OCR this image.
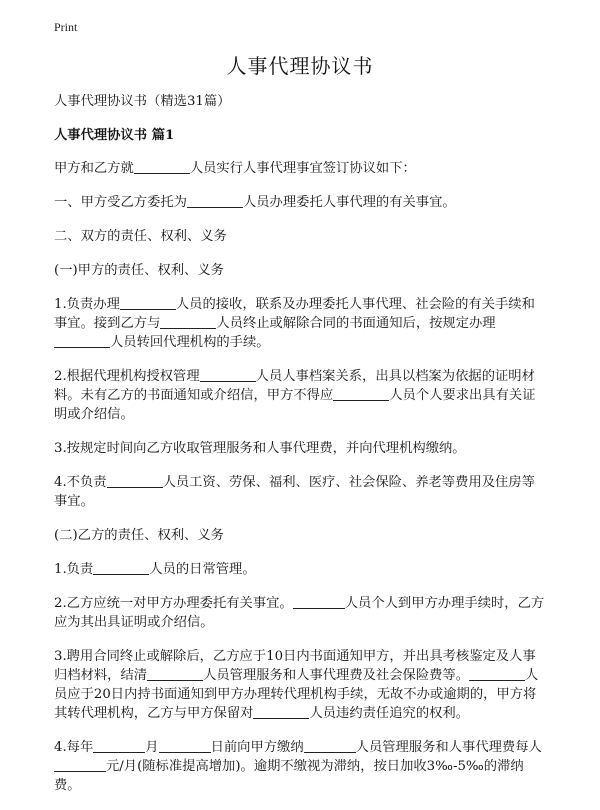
Print
人事代理协议书

人事代理协议书（精选31篇）

人事代理协议书 篇1

甲方和乙方就	人员实行人事代理事宜签订协议如下：

一、甲方受乙方委托为	人员办理委托人事代理的有关事宜。

二、双方的责任、权利、义务

(一)甲方的责任、权利、义务

1.负责办理	人员的接收，联系及办理委托人事代理、社会险的有关手续和事宜。接到乙方与	人员终止或解除合同的书面通知后，按规定办理人员转回代理机构的手续。

2.根据代理机构授权管理	人员人事档案关系，出具以档案为依据的证明材料。未有乙方的书面通知或介绍信，甲方不得应	人员个人要求出具有关证明或介绍信。

3.按规定时间向乙方收取管理服务和人事代理费，并向代理机构缴纳。

4.不负责	人员工资、劳保、福利、医疗、社会保险、养老等费用及住房等事宜。

(二)乙方的责任、权利、义务

1.负责	人员的日常管理。

2.乙方应统一对甲方办理委托有关事宜。	人员个人到甲方办理手续时，乙方应为其出具证明或介绍信。

3.聘用合同终止或解除后，乙方应于10日内书面通知甲方，并出具考核鉴定及人事归档材料，结清	人员管理服务和人事代理费及社会保险费等。	人员应于20日内持书面通知到甲方办理转代理机构手续，无故不办或逾期的，甲方将其转代理机构，乙方与甲方保留对	人员违约责任追究的权利。

4.每年	月	日前向甲方缴纳	人员管理服务和人事代理费每人元/月(随标准提高增加)。逾期不缴视为滞纳，按日加收3‰-5‰的滞纳费。
